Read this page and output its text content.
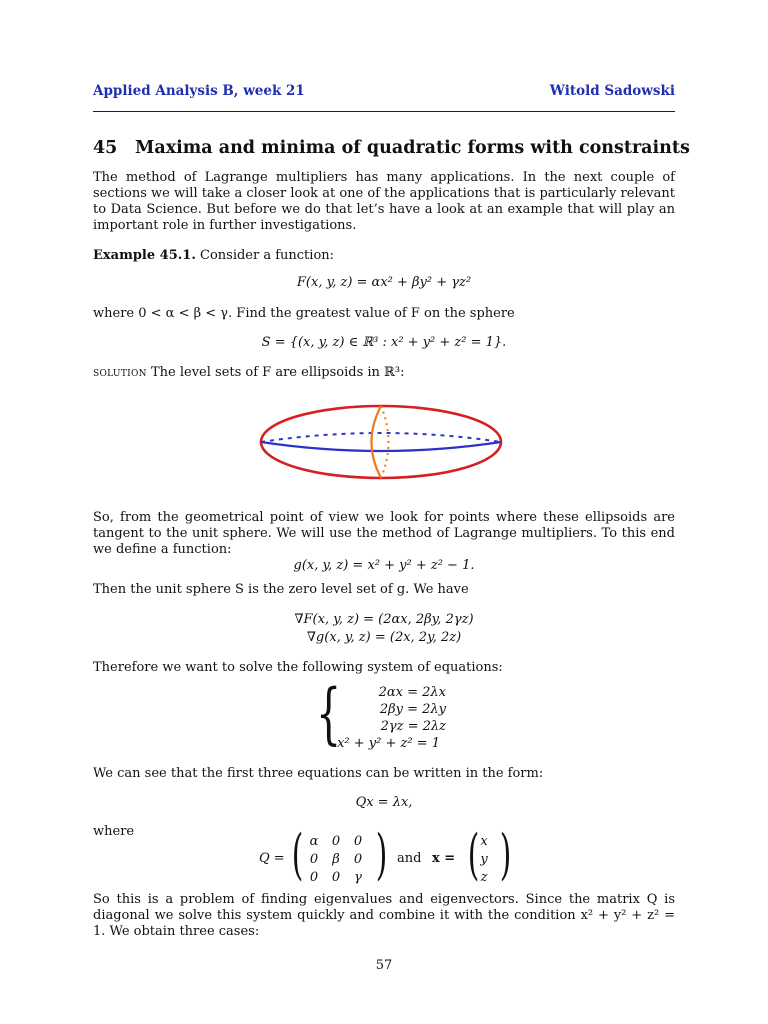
Applied Analysis B, week 21	Witold Sadowski
45 Maxima and minima of quadratic forms with constraints
The method of Lagrange multipliers has many applications. In the next couple of sections we will take a closer look at one of the applications that is particularly relevant to Data Science. But before we do that let’s have a look at an example that will play an important role in further investigations.
Example 45.1. Consider a function:
F(x, y, z) = αx² + βy² + γz²
where 0 < α < β < γ. Find the greatest value of F on the sphere
S = {(x, y, z) ∈ ℝ³ : x² + y² + z² = 1}.
solution The level sets of F are ellipsoids in ℝ³:
So, from the geometrical point of view we look for points where these ellipsoids are tangent to the unit sphere. We will use the method of Lagrange multipliers. To this end we define a function:
g(x, y, z) = x² + y² + z² − 1.
Then the unit sphere S is the zero level set of g. We have
∇F(x, y, z) = (2αx, 2βy, 2γz)
∇g(x, y, z) = (2x, 2y, 2z)
Therefore we want to solve the following system of equations:
{	2αx = 2λx
2βy = 2λy
2γz = 2λz
x² + y² + z² = 1
We can see that the first three equations can be written in the form:
Qx = λx,
where
Q = ( α	0	0
0	β	0
0	0	γ ) and x = ( x
y
z )
So this is a problem of finding eigenvalues and eigenvectors. Since the matrix Q is diagonal we solve this system quickly and combine it with the condition x² + y² + z² = 1. We obtain three cases:
57
